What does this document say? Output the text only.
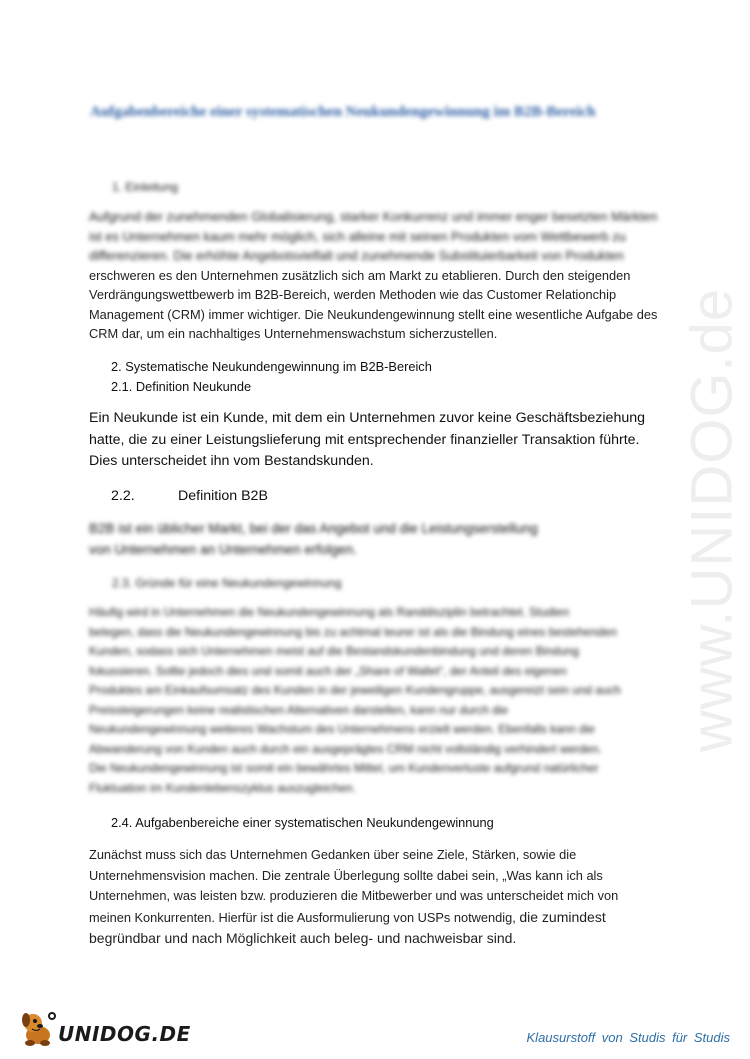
www.UNIDOG.de
Aufgabenbereiche einer systematischen Neukundengewinnung im B2B-Bereich
1. Einleitung
Aufgrund der zunehmenden Globalisierung, starker Konkurrenz und immer enger besetzten Märkten
ist es Unternehmen kaum mehr möglich, sich alleine mit seinen Produkten vom Wettbewerb zu
differenzieren. Die erhöhte Angebotsvielfalt und zunehmende Substituierbarkeit von Produkten
erschweren es den Unternehmen zusätzlich sich am Markt zu etablieren. Durch den steigenden
Verdrängungswettbewerb im B2B-Bereich, werden Methoden wie das Customer Relationchip
Management (CRM) immer wichtiger. Die Neukundengewinnung stellt eine wesentliche Aufgabe des
CRM dar, um ein nachhaltiges Unternehmenswachstum sicherzustellen.
2. Systematische Neukundengewinnung im B2B-Bereich
2.1. Definition Neukunde
Ein Neukunde ist ein Kunde, mit dem ein Unternehmen zuvor keine Geschäftsbeziehung
hatte, die zu einer Leistungslieferung mit entsprechender finanzieller Transaktion führte.
Dies unterscheidet ihn vom Bestandskunden.
2.2.	Definition B2B
B2B ist ein üblicher Markt, bei der das Angebot und die Leistungserstellung
von Unternehmen an Unternehmen erfolgen.
2.3. Gründe für eine Neukundengewinnung
Häufig wird in Unternehmen die Neukundengewinnung als Randdisziplin betrachtet. Studien
belegen, dass die Neukundengewinnung bis zu achtmal teurer ist als die Bindung eines bestehenden
Kunden, sodass sich Unternehmen meist auf die Bestandskundenbindung und deren Bindung
fokussieren. Sollte jedoch dies und somit auch der „Share of Wallet“, der Anteil des eigenen
Produktes am Einkaufsumsatz des Kunden in der jeweiligen Kundengruppe, ausgereizt sein und auch
Preissteigerungen keine realistischen Alternativen darstellen, kann nur durch die
Neukundengewinnung weiteres Wachstum des Unternehmens erzielt werden. Ebenfalls kann die
Abwanderung von Kunden auch durch ein ausgeprägtes CRM nicht vollständig verhindert werden.
Die Neukundengewinnung ist somit ein bewährtes Mittel, um Kundenverluste aufgrund natürlicher
Fluktuation im Kundenlebenszyklus auszugleichen.
2.4. Aufgabenbereiche einer systematischen Neukundengewinnung
Zunächst muss sich das Unternehmen Gedanken über seine Ziele, Stärken, sowie die
Unternehmensvision machen. Die zentrale Überlegung sollte dabei sein, „Was kann ich als
Unternehmen, was leisten bzw. produzieren die Mitbewerber und was unterscheidet mich von
meinen Konkurrenten. Hierfür ist die Ausformulierung von USPs notwendig, die zumindest
begründbar und nach Möglichkeit auch beleg- und nachweisbar sind.
UNIDOG.DE	Klausurstoff von Studis für Studis
